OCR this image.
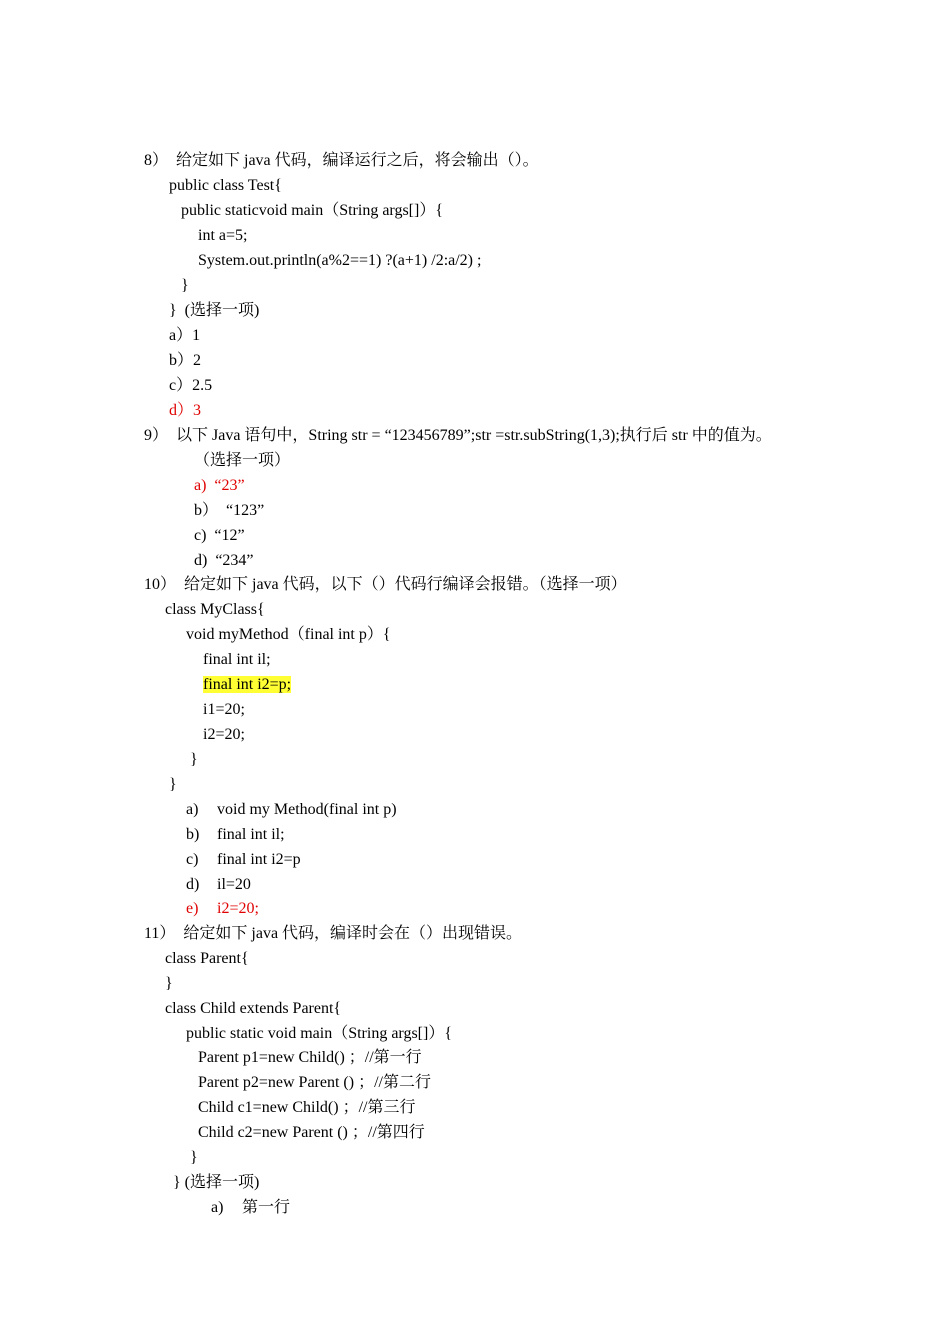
8）  给定如下 java 代码，编译运行之后，将会输出（）。
public class Test{
public staticvoid main（String args[]）{
int a=5;
System.out.println(a%2==1) ?(a+1) /2:a/2) ;
}
}  (选择一项)
a）1
b）2
c）2.5
d）3
9）  以下 Java 语句中，String str = “123456789”;str =str.subString(1,3);执行后 str 中的值为。
（选择一项）
a)  “23”
b）  “123”
c)  “12”
d)  “234”
10）  给定如下 java 代码，以下（）代码行编译会报错。（选择一项）
class MyClass{
void myMethod（final int p）{
final int il;
final int i2=p;
i1=20;
i2=20;
}
}
a) void my Method(final int p)
b) final int il;
c) final int i2=p
d) il=20
e) i2=20;
11）  给定如下 java 代码，编译时会在（）出现错误。
class Parent{
}
class Child extends Parent{
public static void main（String args[]）{
Parent p1=new Child() ；//第一行
Parent p2=new Parent () ；//第二行
Child c1=new Child() ；//第三行
Child c2=new Parent () ；//第四行
}
} (选择一项)
a) 第一行
